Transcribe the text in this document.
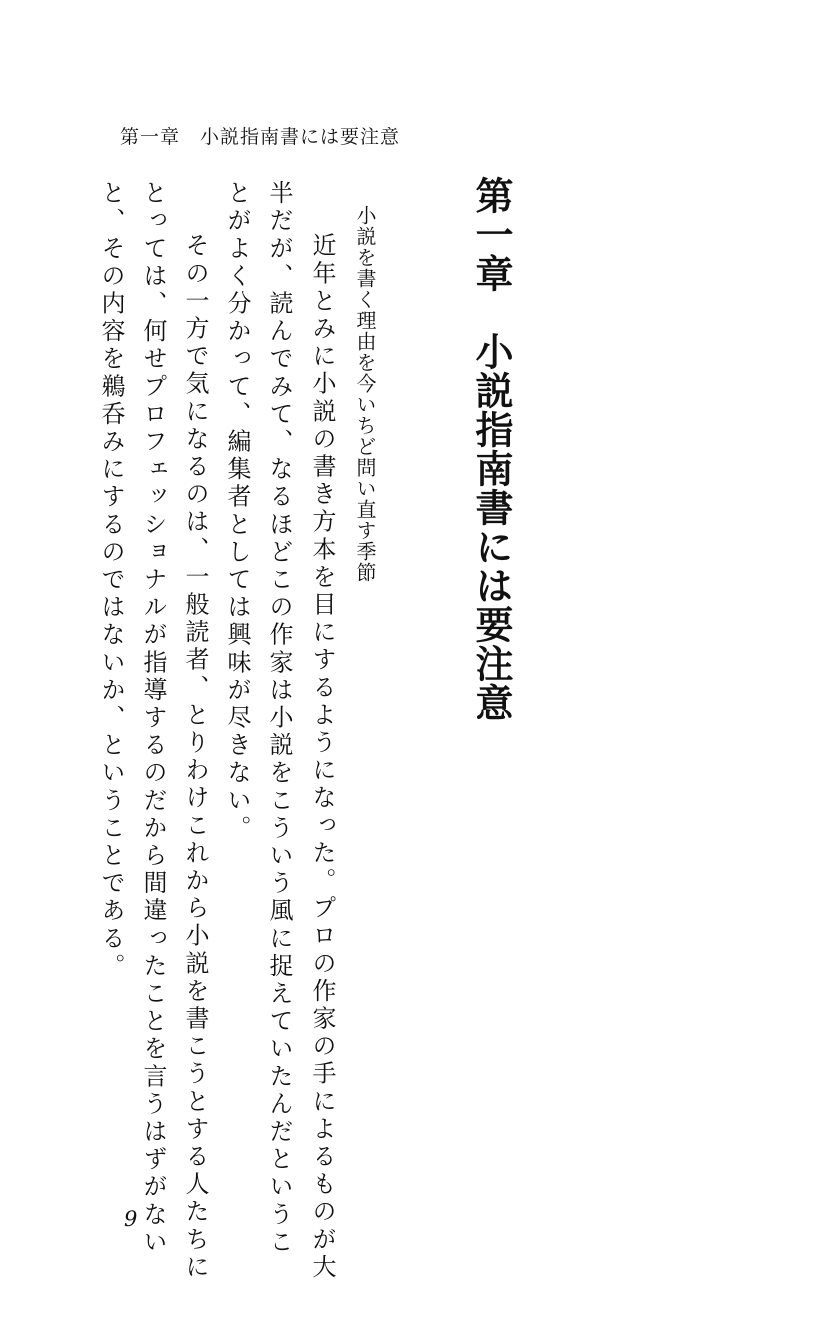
第一章　小説指南書には要注意
第一章　小説指南書には要注意
小説を書く理由を今いちど問い直す季節
　近年とみに小説の書き方本を目にするようになった。プロの作家の手によるものが大
半だが、読んでみて、なるほどこの作家は小説をこういう風に捉えていたんだというこ
とがよく分かって、編集者としては興味が尽きない。
　その一方で気になるのは、一般読者、とりわけこれから小説を書こうとする人たちに
とっては、何せプロフェッショナルが指導するのだから間違ったことを言うはずがない
と、その内容を鵜呑みにするのではないか、ということである。
9
